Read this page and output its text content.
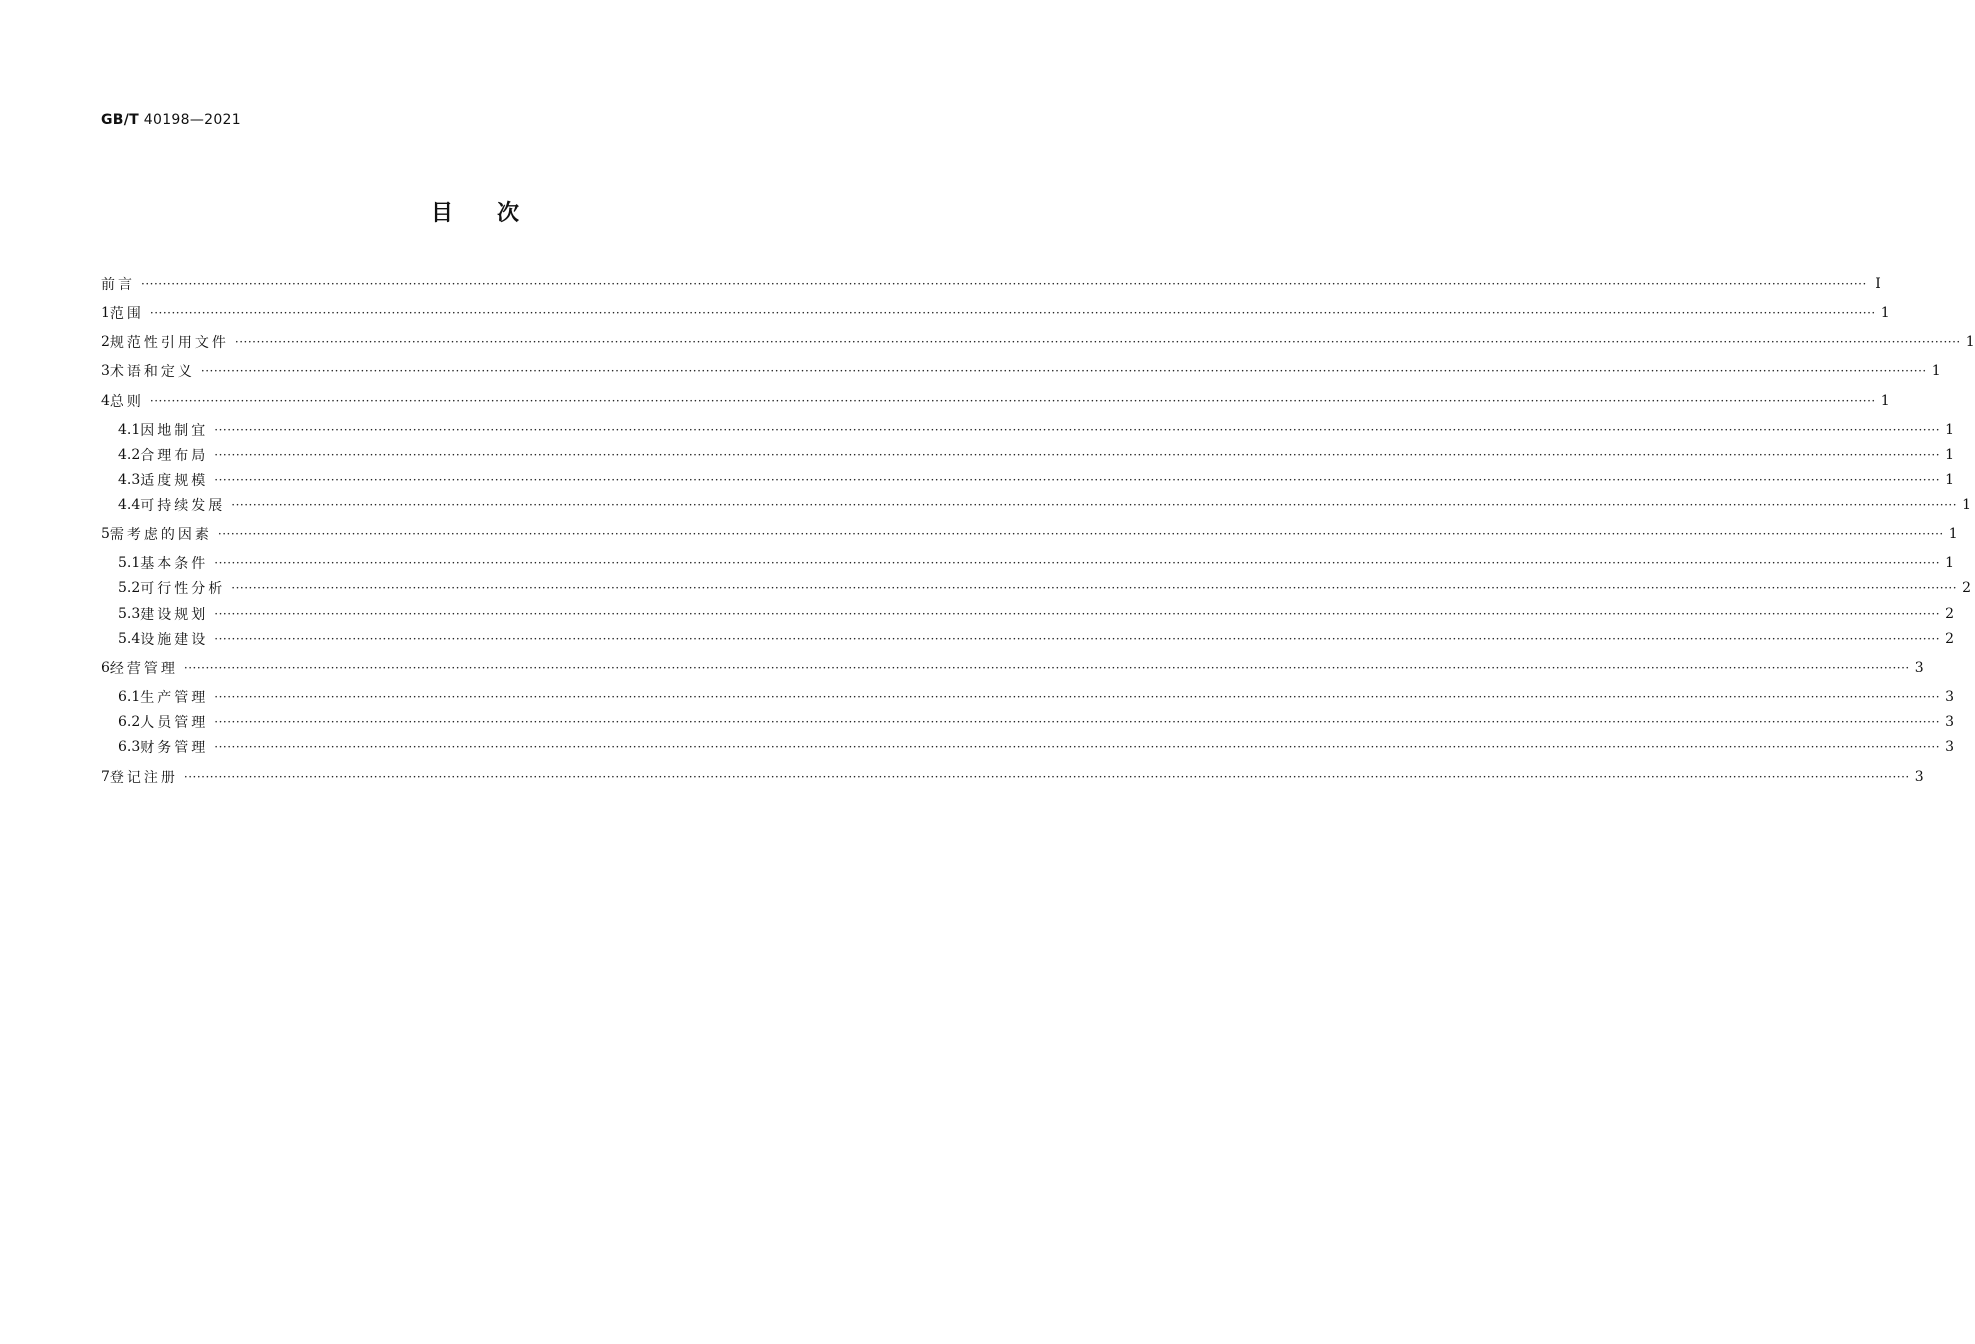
GB/T 40198—2021
目次
前言 ················································································································································································································································································································································································································ Ⅰ
1 范围 ················································································································································································································································································································································································································ 1
2 规范性引用文件 ················································································································································································································································································································································································································ 1
3 术语和定义 ················································································································································································································································································································································································································ 1
4 总则 ················································································································································································································································································································································································································ 1
4.1 因地制宜 ················································································································································································································································································································································································································ 1
4.2 合理布局 ················································································································································································································································································································································································································ 1
4.3 适度规模 ················································································································································································································································································································································································································ 1
4.4 可持续发展 ················································································································································································································································································································································································································ 1
5 需考虑的因素 ················································································································································································································································································································································································································ 1
5.1 基本条件 ················································································································································································································································································································································································································ 1
5.2 可行性分析 ················································································································································································································································································································································································································ 2
5.3 建设规划 ················································································································································································································································································································································································································ 2
5.4 设施建设 ················································································································································································································································································································································································································ 2
6 经营管理 ················································································································································································································································································································································································································ 3
6.1 生产管理 ················································································································································································································································································································································································································ 3
6.2 人员管理 ················································································································································································································································································································································································································ 3
6.3 财务管理 ················································································································································································································································································································································································································ 3
7 登记注册 ················································································································································································································································································································································································································ 3
